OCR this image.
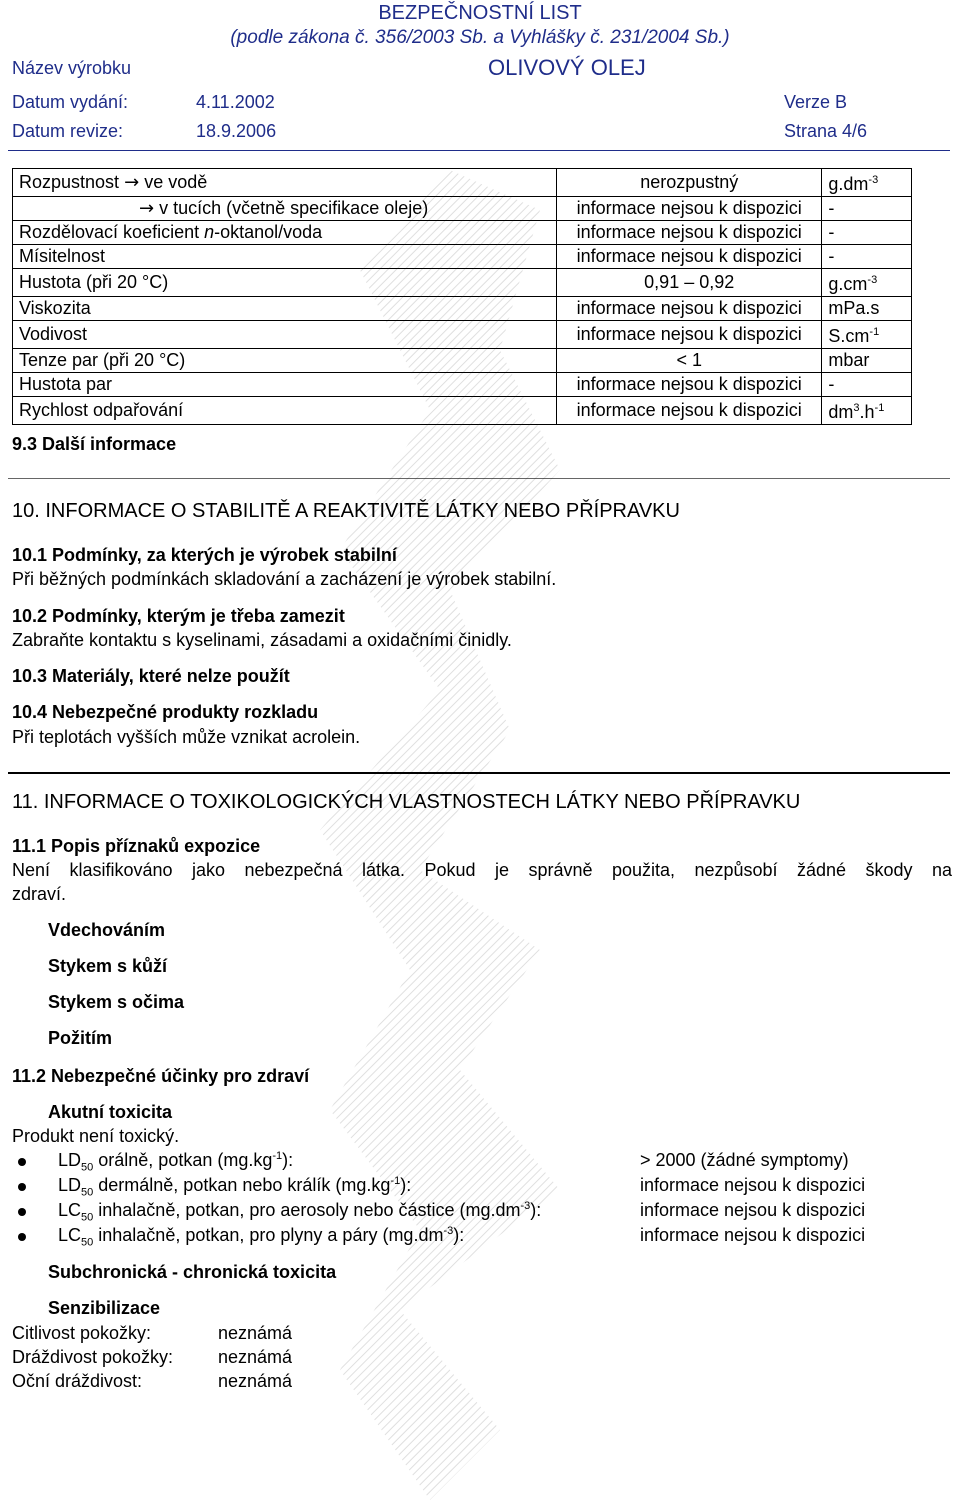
BEZPEČNOSTNÍ LIST
(podle zákona č. 356/2003 Sb. a Vyhlášky č. 231/2004 Sb.)
Název výrobku	OLIVOVÝ OLEJ
Datum vydání:	4.11.2002	Verze B
Datum revize:	18.9.2006	Strana 4/6
Rozpustnost → ve vodě	nerozpustný	$g.dm^{-3}$
→ v tucích (včetně specifikace oleje)	informace nejsou k dispozici	-
Rozdělovací koeficient n-oktanol/voda	informace nejsou k dispozici	-
Mísitelnost	informace nejsou k dispozici	-
Hustota (při 20 °C)	0,91 – 0,92	$g.cm^{-3}$
Viskozita	informace nejsou k dispozici	mPa.s
Vodivost	informace nejsou k dispozici	$S.cm^{-1}$
Tenze par (při 20 °C)	< 1	mbar
Hustota par	informace nejsou k dispozici	-
Rychlost odpařování	informace nejsou k dispozici	$dm^3.h^{-1}$
9.3 Další informace
10. INFORMACE O STABILITĚ A REAKTIVITĚ LÁTKY NEBO PŘÍPRAVKU
10.1 Podmínky, za kterých je výrobek stabilní
Při běžných podmínkách skladování a zacházení je výrobek stabilní.
10.2 Podmínky, kterým je třeba zamezit
Zabraňte kontaktu s kyselinami, zásadami a oxidačními činidly.
10.3 Materiály, které nelze použít
10.4 Nebezpečné produkty rozkladu
Při teplotách vyšších může vznikat acrolein.
11. INFORMACE O TOXIKOLOGICKÝCH VLASTNOSTECH LÁTKY NEBO PŘÍPRAVKU
11.1 Popis příznaků expozice
Není klasifikováno jako nebezpečná látka. Pokud je správně použita, nezpůsobí žádné škody na
zdraví.
Vdechováním
Stykem s kůží
Stykem s očima
Požitím
11.2 Nebezpečné účinky pro zdraví
Akutní toxicita
Produkt není toxický.
$LD_{50}$ orálně, potkan $(mg.kg^{-1})$:	> 2000 (žádné symptomy)
$LD_{50}$ dermálně, potkan nebo králík $(mg.kg^{-1})$:	informace nejsou k dispozici
$LC_{50}$ inhalačně, potkan, pro aerosoly nebo částice $(mg.dm^{-3})$:	informace nejsou k dispozici
$LC_{50}$ inhalačně, potkan, pro plyny a páry $(mg.dm^{-3})$:	informace nejsou k dispozici
Subchronická - chronická toxicita
Senzibilizace
Citlivost pokožky:	neznámá
Dráždivost pokožky: neznámá
Oční dráždivost:	neznámá
